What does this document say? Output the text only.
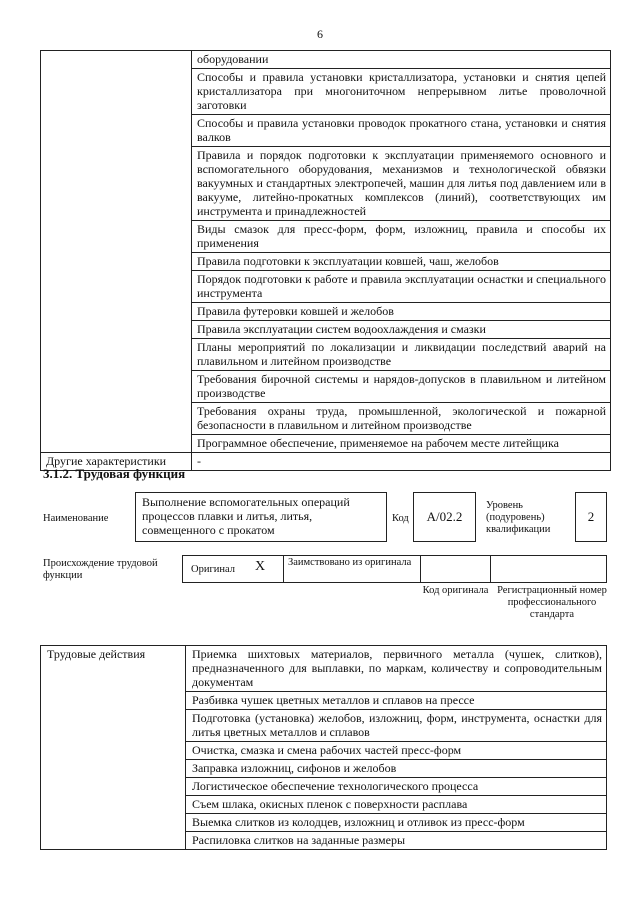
6
	оборудовании
	Способы и правила установки кристаллизатора, установки и снятия цепей кристаллизатора при многониточном непрерывном литье проволочной заготовки
	Способы и правила установки проводок прокатного стана, установки и снятия валков
	Правила и порядок подготовки к эксплуатации применяемого основного и вспомогательного оборудования, механизмов и технологической обвязки вакуумных и стандартных электропечей, машин для литья под давлением или в вакууме, литейно-прокатных комплексов (линий), соответствующих им инструмента и принадлежностей
	Виды смазок для пресс-форм, форм, изложниц, правила и способы их применения
	Правила подготовки к эксплуатации ковшей, чаш, желобов
	Порядок подготовки к работе и правила эксплуатации оснастки и специального инструмента
	Правила футеровки ковшей и желобов
	Правила эксплуатации систем водоохлаждения и смазки
	Планы мероприятий по локализации и ликвидации последствий аварий на плавильном и литейном производстве
	Требования бирочной системы и нарядов-допусков в плавильном и литейном производстве
	Требования охраны труда, промышленной, экологической и пожарной безопасности в плавильном и литейном производстве
	Программное обеспечение, применяемое на рабочем месте литейщика
Другие характеристики	-
3.1.2. Трудовая функция
Наименование
Выполнение вспомогательных операций процессов плавки и литья, литья, совмещенного с прокатом
Код А/02.2
Уровень (подуровень) квалификации
2
Происхождение трудовой функции
Оригинал X	Заимствовано из оригинала
Код оригинала Регистрационный номер профессионального стандарта
Трудовые действия	Приемка шихтовых материалов, первичного металла (чушек, слитков), предназначенного для выплавки, по маркам, количеству и сопроводительным документам
Разбивка чушек цветных металлов и сплавов на прессе
Подготовка (установка) желобов, изложниц, форм, инструмента, оснастки для литья цветных металлов и сплавов
Очистка, смазка и смена рабочих частей пресс-форм
Заправка изложниц, сифонов и желобов
Логистическое обеспечение технологического процесса
Съем шлака, окисных пленок с поверхности расплава
Выемка слитков из колодцев, изложниц и отливок из пресс-форм
Распиловка слитков на заданные размеры
